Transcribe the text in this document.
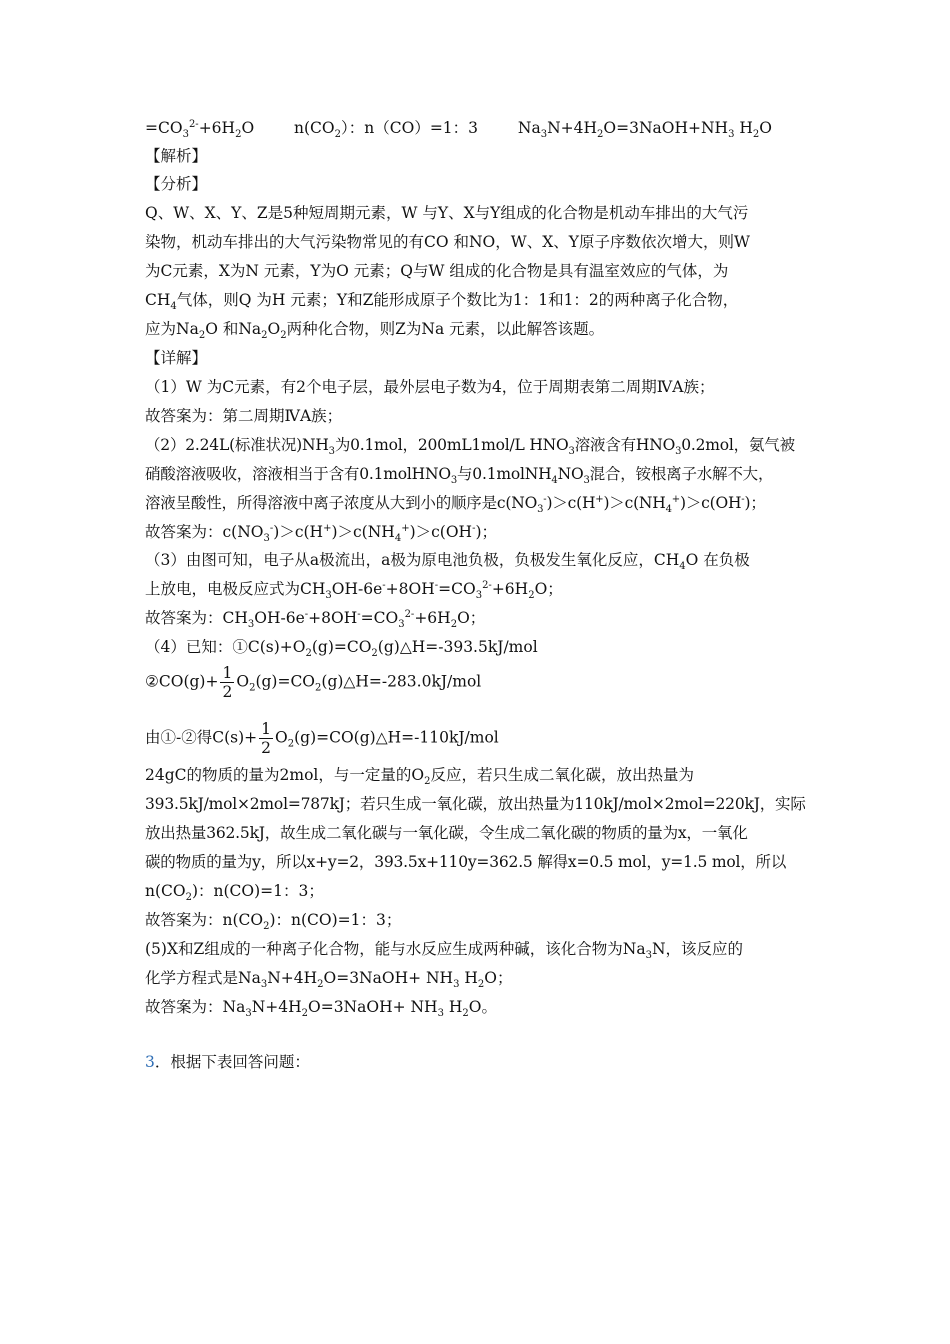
$=CO_3^{2-}+6H_2O$	$n(CO_2)$：n（CO）=1：3	$Na_3N+4H_2O=3NaOH+NH_3$ $H_2O$
【解析】
【分析】
Q、W、X、Y、Z是5种短周期元素，W 与Y、X与Y组成的化合物是机动车排出的大气污
染物，机动车排出的大气污染物常见的有CO 和NO，W、X、Y原子序数依次增大，则W
为C元素，X为N 元素，Y为O 元素；Q与W 组成的化合物是具有温室效应的气体，为
$CH_4$气体，则Q 为H 元素；Y和Z能形成原子个数比为1：1和1：2的两种离子化合物，
应为$Na_2O$ 和$Na_2O_2$两种化合物，则Z为Na 元素，以此解答该题。
【详解】
（1）W 为C元素，有2个电子层，最外层电子数为4，位于周期表第二周期ⅣA族；
故答案为：第二周期ⅣA族；
（2）2.24L(标准状况)$NH_3$为0.1mol，200mL1mol/L $HNO_3$溶液含有$HNO_30.2mol$，氨气被
硝酸溶液吸收，溶液相当于含有0.1molHNO$_3$与$0.1molNH_4NO_3$混合，铵根离子水解不大，
溶液呈酸性，所得溶液中离子浓度从大到小的顺序是$c(NO_3^-)>c(H^+)>c(NH_4^+)>c(OH^-)$；
故答案为：$c(NO_3^-)>c(H^+)>c(NH_4^+)>c(OH^-)$；
（3）由图可知，电子从a极流出，a极为原电池负极，负极发生氧化反应，$CH_4O$ 在负极
上放电，电极反应式为$CH_3OH-6e^-+8OH^-=CO_3^{2-}+6H_2O$；
故答案为：$CH_3OH-6e^-+8OH^-=CO_3^{2-}+6H_2O$；
（4）已知：$①C(s)+O_2(g)=CO_2(g)\triangle H=-393.5kJ$/mol
②CO(g)+ $\frac{1}{2}$ $O_2(g)=CO_2(g)\triangle H=-283.0kJ$/mol
由①-②得$C(s)+ \frac{1}{2}$ $O_2(g)=CO(g)\triangle H=-110kJ$/mol
24gC的物质的量为2mol，与一定量的$O_2$反应，若只生成二氧化碳，放出热量为
393.5kJ/mol×2mol=787kJ；若只生成一氧化碳，放出热量为110kJ/mol×2mol=220kJ，实际
放出热量362.5kJ，故生成二氧化碳与一氧化碳，令生成二氧化碳的物质的量为x，一氧化
碳的物质的量为y，所以x+y=2，393.5x+110y=362.5 解得x=0.5 mol，y=1.5 mol，所以
$n(CO_2)$：n(CO)=1：3；
故答案为：$n(CO_2)$：n(CO)=1：3；
(5)X和Z组成的一种离子化合物，能与水反应生成两种碱，该化合物为$Na_3N$，该反应的
化学方程式是$Na_3N+4H_2O=3NaOH+ NH_3$ $H_2O$；
故答案为：$Na_3N+4H_2O=3NaOH+ NH_3$ $H_2O$。
3．根据下表回答问题：
